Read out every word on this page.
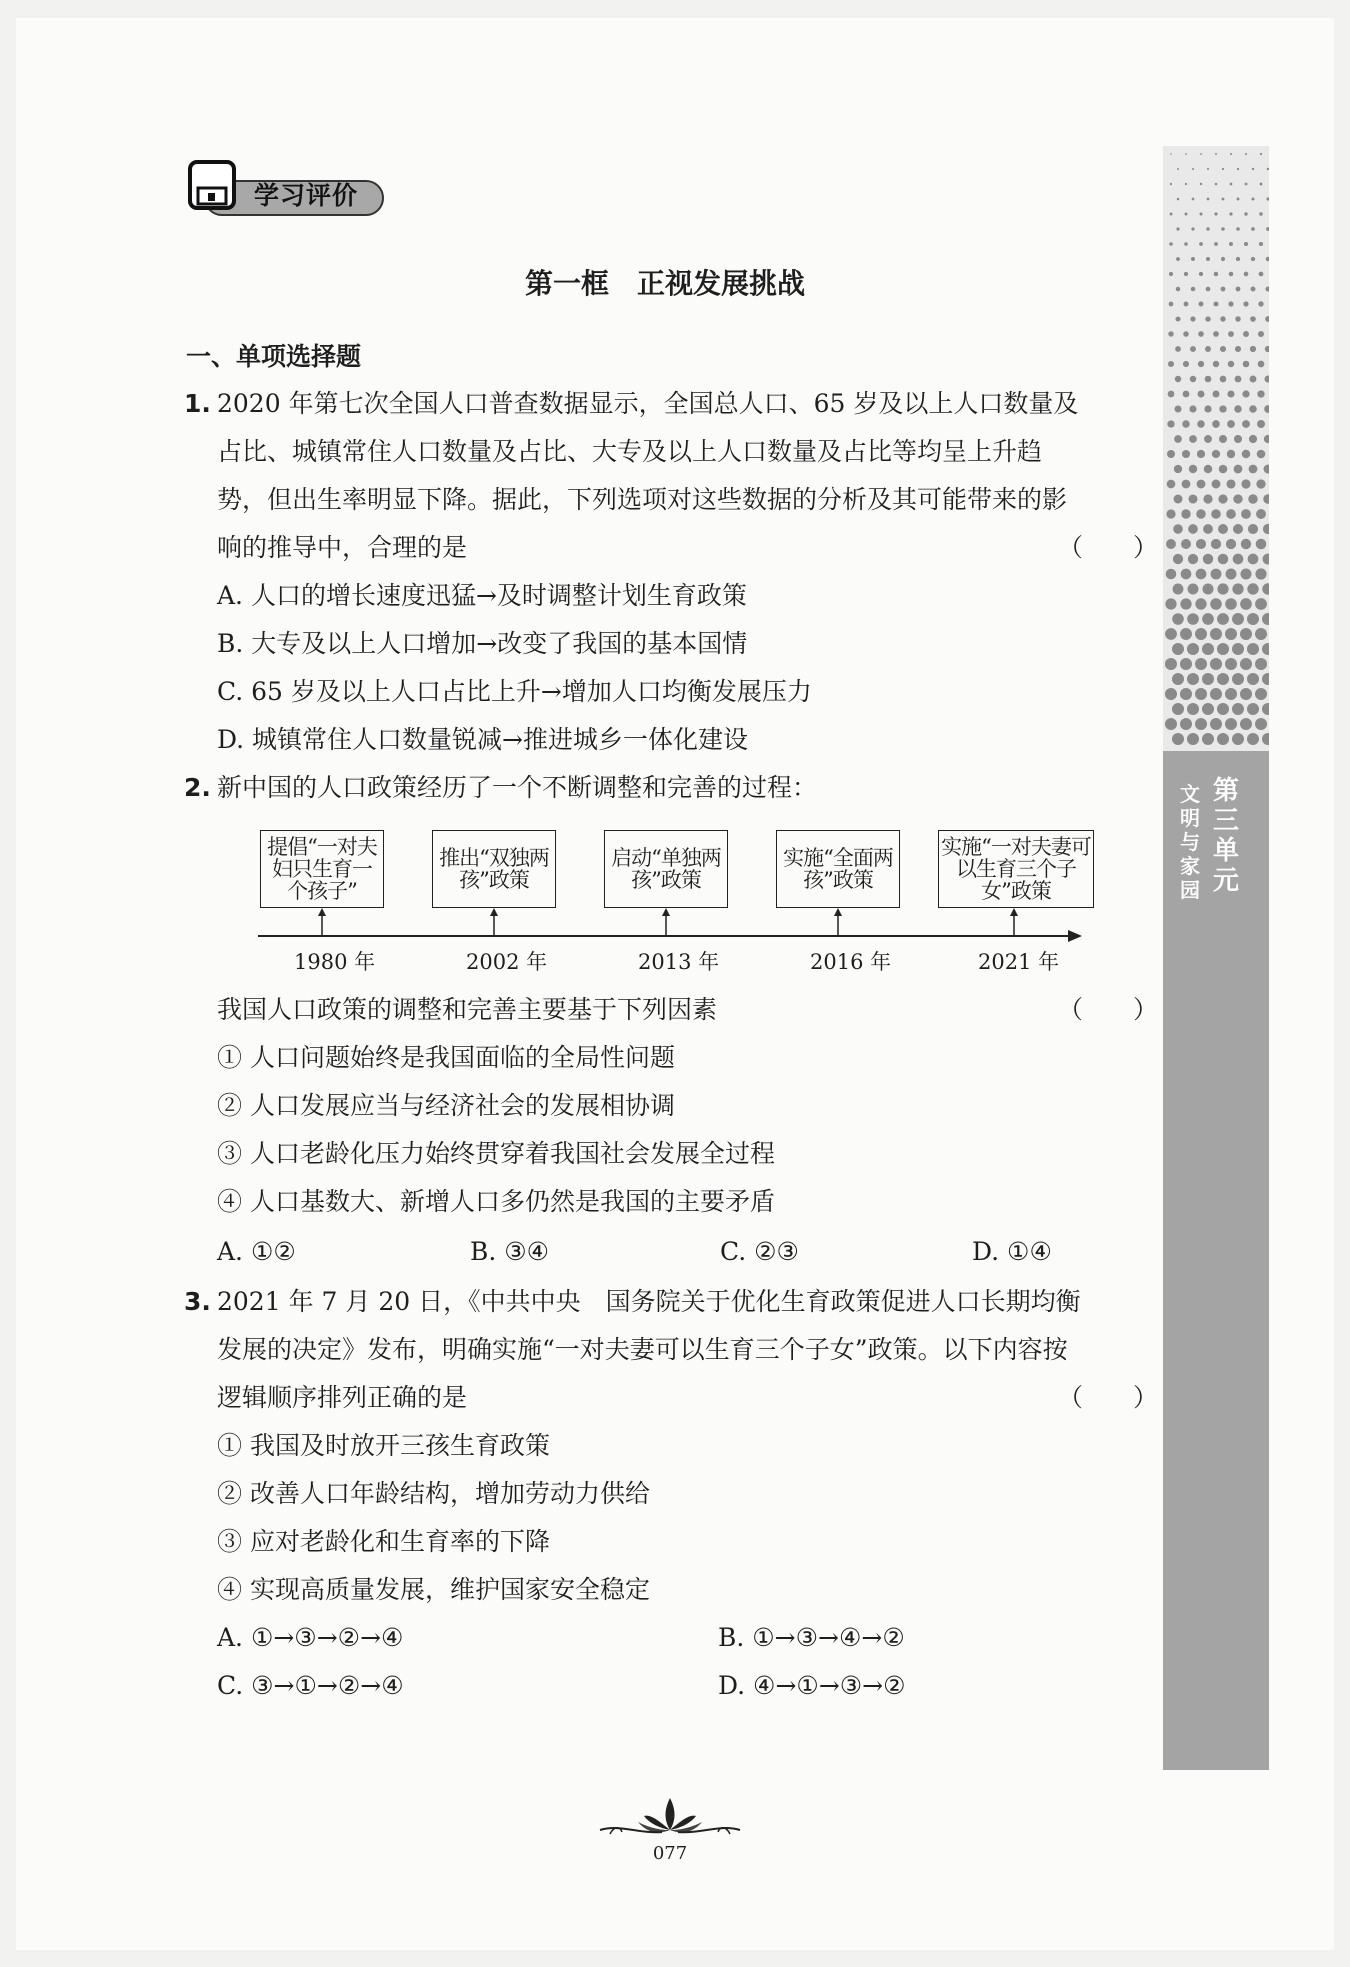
学习评价
第一框　正视发展挑战
一、单项选择题
1. 2020 年第七次全国人口普查数据显示，全国总人口、65 岁及以上人口数量及
占比、城镇常住人口数量及占比、大专及以上人口数量及占比等均呈上升趋
势，但出生率明显下降。据此，下列选项对这些数据的分析及其可能带来的影
响的推导中，合理的是	（　　）
A. 人口的增长速度迅猛→及时调整计划生育政策
B. 大专及以上人口增加→改变了我国的基本国情
C. 65 岁及以上人口占比上升→增加人口均衡发展压力
D. 城镇常住人口数量锐减→推进城乡一体化建设
2. 新中国的人口政策经历了一个不断调整和完善的过程：
提倡“一对夫妇只生育一个孩子”
推出“双独两孩”政策
启动“单独两孩”政策
实施“全面两孩”政策
实施“一对夫妻可以生育三个子女”政策
1980 年	2002 年	2013 年	2016 年	2021 年
我国人口政策的调整和完善主要基于下列因素	（　　）
① 人口问题始终是我国面临的全局性问题
② 人口发展应当与经济社会的发展相协调
③ 人口老龄化压力始终贯穿着我国社会发展全过程
④ 人口基数大、新增人口多仍然是我国的主要矛盾
A. ①②	B. ③④	C. ②③	D. ①④
3. 2021 年 7 月 20 日，《中共中央　国务院关于优化生育政策促进人口长期均衡
发展的决定》发布，明确实施“一对夫妻可以生育三个子女”政策。以下内容按
逻辑顺序排列正确的是	（　　）
① 我国及时放开三孩生育政策
② 改善人口年龄结构，增加劳动力供给
③ 应对老龄化和生育率的下降
④ 实现高质量发展，维护国家安全稳定
A. ①→③→②→④	B. ①→③→④→②
C. ③→①→②→④	D. ④→①→③→②
第
三
单
元
文
明
与
家
园
077
